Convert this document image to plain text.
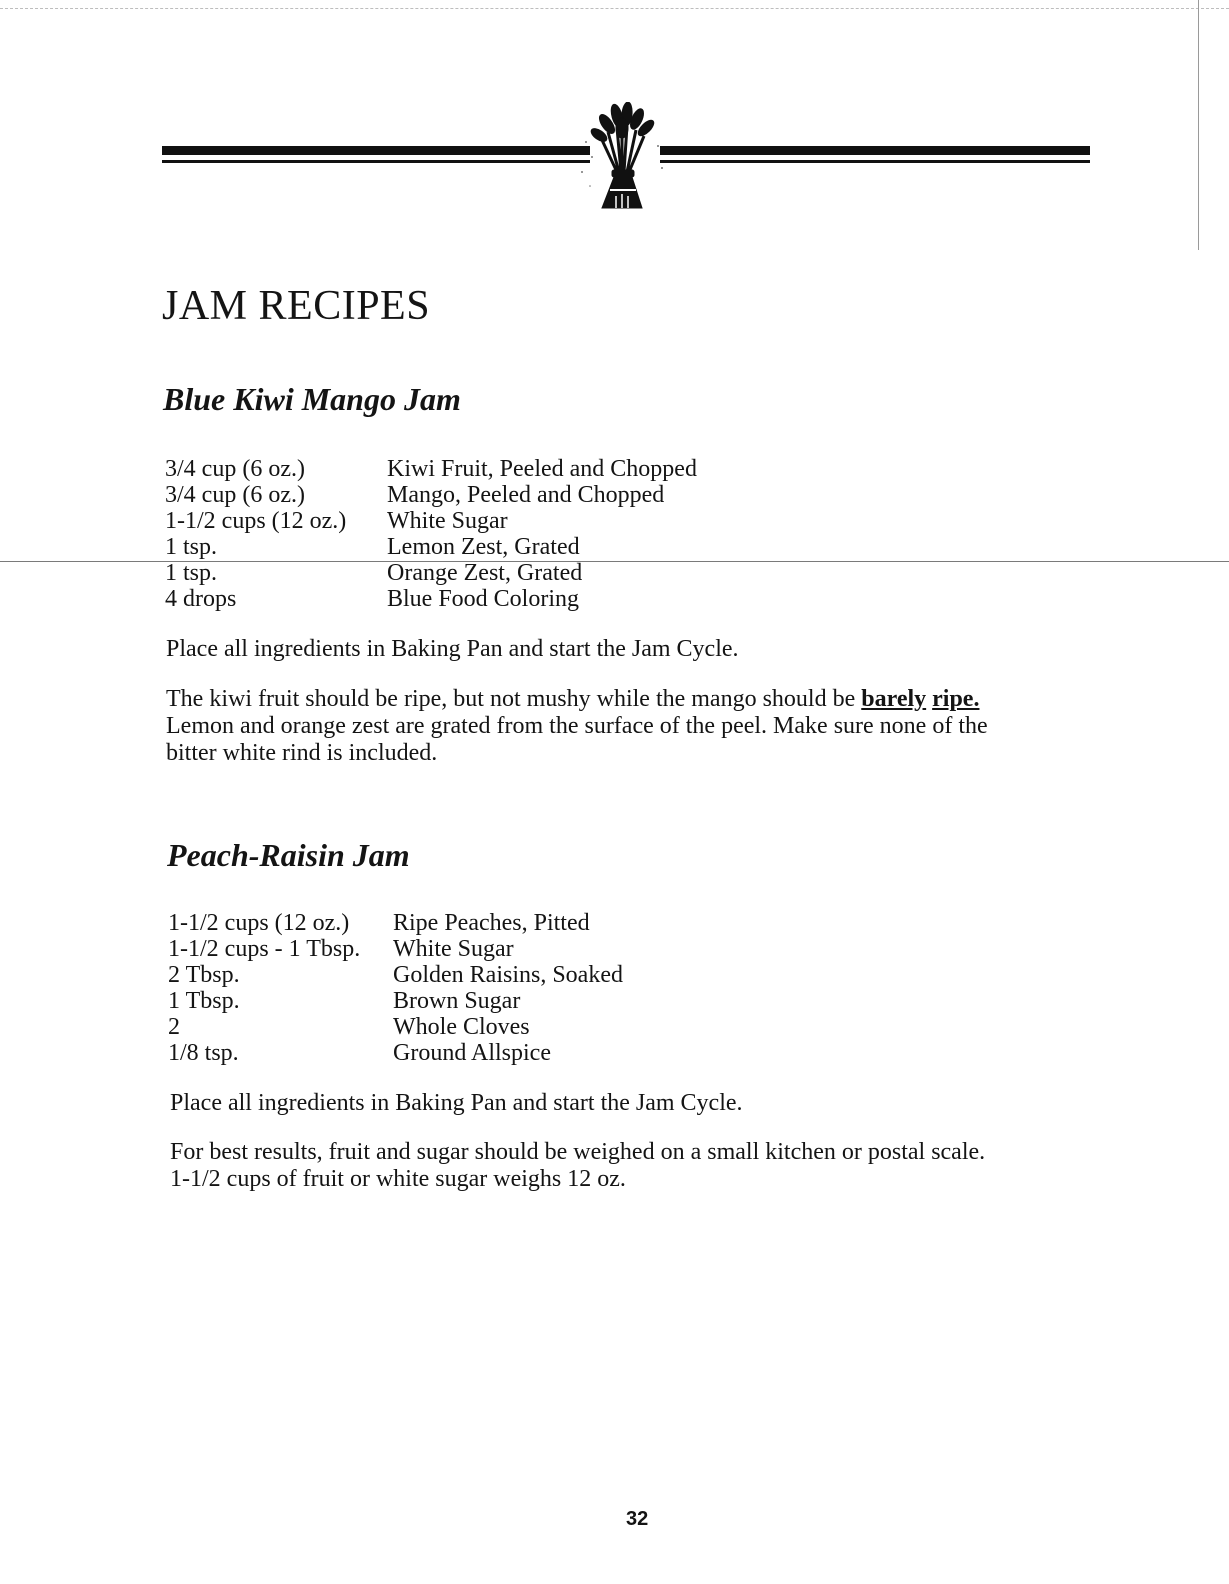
JAM RECIPES
Blue Kiwi Mango Jam
3/4 cup (6 oz.)	Kiwi Fruit, Peeled and Chopped
3/4 cup (6 oz.)	Mango, Peeled and Chopped
1-1/2 cups (12 oz.)	White Sugar
1 tsp.	Lemon Zest, Grated
1 tsp.	Orange Zest, Grated
4 drops	Blue Food Coloring

Place all ingredients in Baking Pan and start the Jam Cycle.

The kiwi fruit should be ripe, but not mushy while the mango should be barely ripe.
Lemon and orange zest are grated from the surface of the peel. Make sure none of the
bitter white rind is included.
Peach-Raisin Jam
1-1/2 cups (12 oz.)	Ripe Peaches, Pitted
1-1/2 cups - 1 Tbsp.	White Sugar
2 Tbsp.	Golden Raisins, Soaked
1 Tbsp.	Brown Sugar
2	Whole Cloves
1/8 tsp.	Ground Allspice

Place all ingredients in Baking Pan and start the Jam Cycle.

For best results, fruit and sugar should be weighed on a small kitchen or postal scale.
1-1/2 cups of fruit or white sugar weighs 12 oz.
32
